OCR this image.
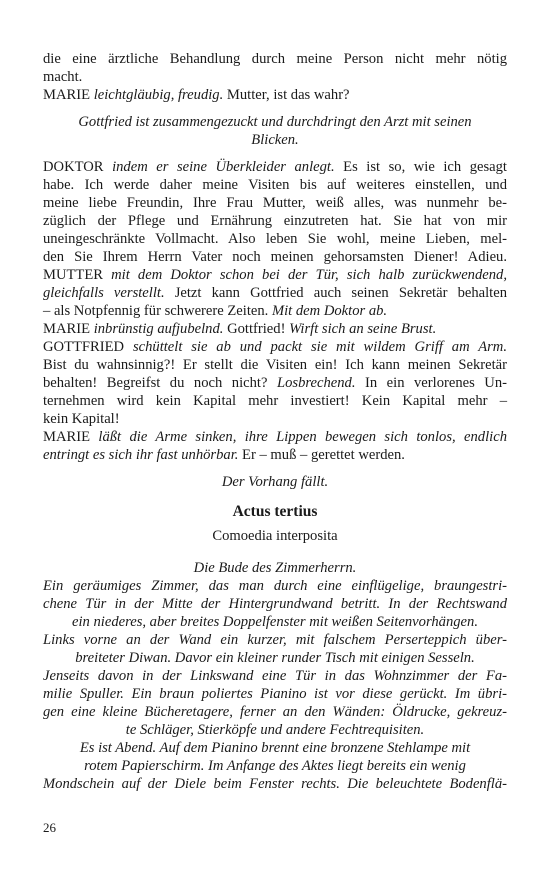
die eine ärztliche Behandlung durch meine Person nicht mehr nötig
macht.
MARIE leichtgläubig, freudig. Mutter, ist das wahr?
Gottfried ist zusammengezuckt und durchdringt den Arzt mit seinen
Blicken.
DOKTOR indem er seine Überkleider anlegt. Es ist so, wie ich gesagt
habe. Ich werde daher meine Visiten bis auf weiteres einstellen, und
meine liebe Freundin, Ihre Frau Mutter, weiß alles, was nunmehr be-
züglich der Pflege und Ernährung einzutreten hat. Sie hat von mir
uneingeschränkte Vollmacht. Also leben Sie wohl, meine Lieben, mel-
den Sie Ihrem Herrn Vater noch meinen gehorsamsten Diener! Adieu.
MUTTER mit dem Doktor schon bei der Tür, sich halb zurückwendend,
gleichfalls verstellt. Jetzt kann Gottfried auch seinen Sekretär behalten
– als Notpfennig für schwerere Zeiten. Mit dem Doktor ab.
MARIE inbrünstig aufjubelnd. Gottfried! Wirft sich an seine Brust.
GOTTFRIED schüttelt sie ab und packt sie mit wildem Griff am Arm.
Bist du wahnsinnig?! Er stellt die Visiten ein! Ich kann meinen Sekretär
behalten! Begreifst du noch nicht? Losbrechend. In ein verlorenes Un-
ternehmen wird kein Kapital mehr investiert! Kein Kapital mehr –
kein Kapital!
MARIE läßt die Arme sinken, ihre Lippen bewegen sich tonlos, endlich
entringt es sich ihr fast unhörbar. Er – muß – gerettet werden.
Der Vorhang fällt.
Actus tertius
Comoedia interposita
Die Bude des Zimmerherrn.
Ein geräumiges Zimmer, das man durch eine einflügelige, braungestri-
chene Tür in der Mitte der Hintergrundwand betritt. In der Rechtswand
ein niederes, aber breites Doppelfenster mit weißen Seitenvorhängen.
Links vorne an der Wand ein kurzer, mit falschem Perserteppich über-
breiteter Diwan. Davor ein kleiner runder Tisch mit einigen Sesseln.
Jenseits davon in der Linkswand eine Tür in das Wohnzimmer der Fa-
milie Spuller. Ein braun poliertes Pianino ist vor diese gerückt. Im übri-
gen eine kleine Bücheretagere, ferner an den Wänden: Öldrucke, gekreuz-
te Schläger, Stierköpfe und andere Fechtrequisiten.
Es ist Abend. Auf dem Pianino brennt eine bronzene Stehlampe mit
rotem Papierschirm. Im Anfange des Aktes liegt bereits ein wenig
Mondschein auf der Diele beim Fenster rechts. Die beleuchtete Bodenflä-
26
